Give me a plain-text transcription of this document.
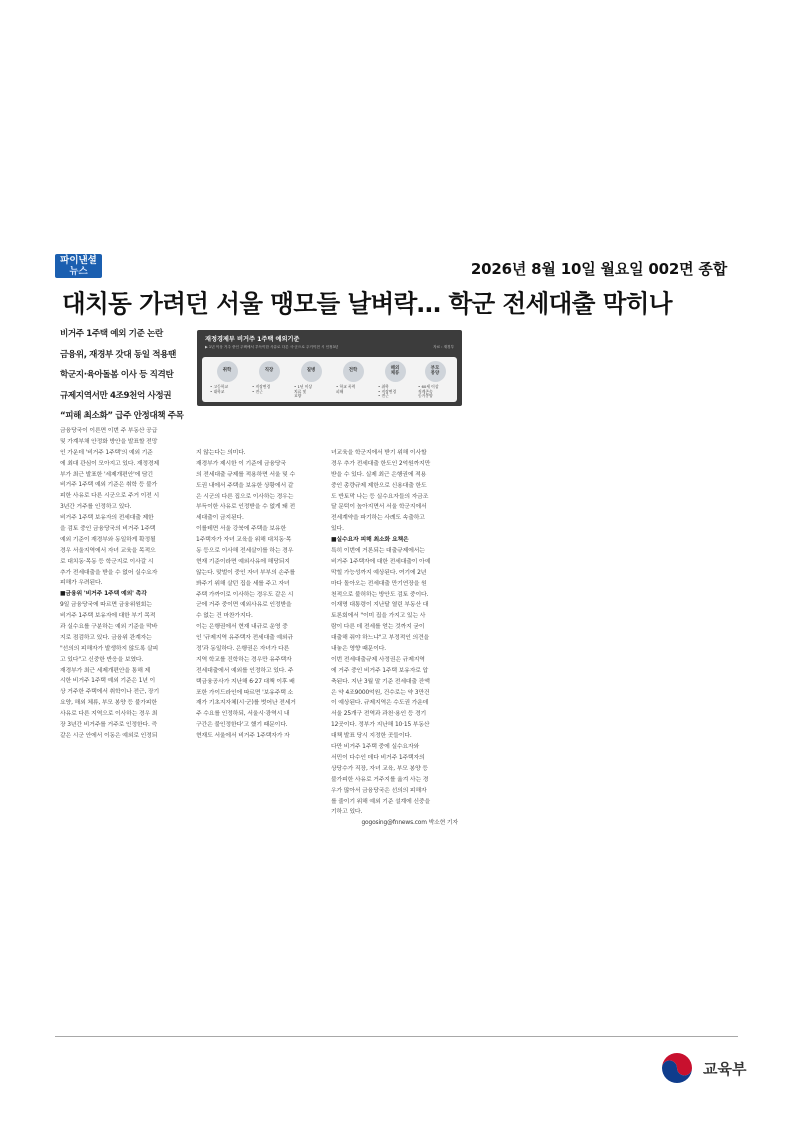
파이낸셜
뉴스	2026년 8월 10일 월요일 002면 종합
대치동 가려던 서울 맹모들 날벼락… 학군 전세대출 막히나
비거주 1주택 예외 기준 논란
금융위, 재경부 갓대 동일 적용땐
학군지·육아돌봄 이사 등 직격탄
규제지역서만 4조9천억 사정권
“피해 최소화” 급주 안정대책 주목
재정경제부 비거주 1주택 예외기준
▶ 1년 이상 거주 중인 주택에서 부득이한 사유로 다른 시·군으로 주거이전 시 인정3년	자료 : 재경부
취학
• 고등학교
• 대학교
직장
• 직장변경
• 전근
질병
• 1년 이상
치료 및
요양
전학
• 학교 폭력
피해
해외
체류
• 취학
• 직장변경
• 전근
부모
봉양
• 60세 이상
직계존속
동거봉양
금융당국이 이른면 이번 주 부동산 공급
및 가계부채 안정화 방안을 발표할 전망
인 가운데 '비거주 1주택'의 예외 기준
에 최대 관심이 모아지고 있다. 재정경제
부가 최근 발표한 '세제개편안'에 담긴
비거주 1주택 예외 기준은 취학 등 불가
피한 사유로 다른 시군으로 주거 이전 시
3년간 거주를 인정하고 있다.
비거주 1주택 보유자의 전세대출 제한
을 검토 중인 금융당국의 비거주 1주택
예외 기준이 재경부와 동일하게 확정될
경우 서울지역에서 자녀 교육을 목적으
로 대치동·목동 등 학군지로 이사갈 시
추가 전세대출을 받을 수 없어 실수요자
피해가 우려된다.
■금융위 '비거주 1주택 예외' 촉각
9일 금융당국에 따르면 금융위원회는
비거주 1주택 보유자에 대한 부기 목적
과 실수요를 구분하는 예외 기준을 막바
지로 점검하고 있다. 금융위 관계자는
"선의의 피해자가 발생하지 않도록 살피
고 있다"고 신중한 반응을 보였다.
재경부가 최근 세제개편안을 통해 제
시한 비거주 1주택 예외 기준은 1년 이
상 거주한 주택에서 취학이나 전근, 장기
요양, 해외 체류, 부모 봉양 등 불가피한
사유로 다른 지역으로 이사하는 경우 최
장 3년간 비거주를 거주로 인정한다. 즉
같은 시군 안에서 이동은 예외로 인정되
지 않는다는 의미다.
재경부가 제시한 이 기준에 금융당국
의 전세대출 규제를 적용하면 서울 및 수
도권 내에서 주택을 보유한 상황에서 같
은 시군의 다른 집으로 이사하는 경우는
부득이한 사유로 인정받을 수 없게 돼 전
세대출이 금지된다.
이를테면 서울 강북에 주택을 보유한
1주택자가 자녀 교육을 위해 대치동·목
동 등으로 이사해 전세살이를 하는 경우
현재 기준이라면 예외사유에 해당되지
않는다. 맞벌이 중인 자녀 부부의 손주를
봐주기 위해 살던 집을 세를 주고 자녀
주택 가까이로 이사하는 경우도 같은 시
군에 거주 중이면 예외사유로 인정받을
수 없는 건 마찬가지다.
이는 은행권에서 현재 내규로 운영 중
인 '규제지역 유주택자 전세대출 예외규
정'과 동일하다. 은행권은 자녀가 다른
지역 학교를 진학하는 경우만 유주택자
전세대출에서 예외를 인정하고 있다. 주
택금융공사가 지난해 6·27 대책 이후 배
포한 가이드라인에 따르면 '보유주택 소
재가 기초지자체(시·군)를 벗어난 전세거
주 수요를 인정하되, 서울시·광역시 내
구간은 불인정한다'고 했기 때문이다.
현재도 서울에서 비거주 1주택자가 자
녀교육을 학군지에서 받기 위해 이사할
경우 추가 전세대출 한도인 2억원까지만
받을 수 있다. 실제 최근 은행권에 적용
중인 총량규제 제한으로 신용대출 한도
도 반토막 나는 등 실수요자들의 자금조
달 문턱이 높아지면서 서울 학군지에서
전세계약을 파기하는 사례도 속출하고
있다.
■실수요자 피해 최소화 요책은
특히 이번에 거론되는 대출규제에서는
비거주 1주택자에 대한 전세대출이 아예
막힐 가능성까지 예상된다. 여기에 2년
마다 돌아오는 전세대출 만기연장을 원
천적으로 불허하는 방안도 검토 중이다.
이재명 대통령이 지난달 열린 부동산 대
토론회에서 "이미 집을 가지고 있는 사
람이 다른 데 전세를 얻는 것까지 굳이
대출해 줘야 하느냐"고 부정적인 의견을
내놓은 영향 때문이다.
이번 전세대출규제 사정권은 규제지역
에 거주 중인 비거주 1주택 보유자로 압
축된다. 지난 3월 말 기준 전세대출 잔액
은 약 4조9000억원, 건수로는 약 3만건
이 예상된다. 규제지역은 수도권 가운데
서울 25개구 전역과 과천·용인 등 경기
12곳이다. 정부가 지난해 10·15 부동산
대책 발표 당시 지정한 곳들이다.
다만 비거주 1주택 중에 실수요자와
서민이 다수인 데다 비거주 1주택자의
상당수가 직장, 자녀 교육, 부모 봉양 등
불가피한 사유로 거주지를 옮겨 사는 경
우가 많아서 금융당국은 선의의 피해자
를 줄이기 위해 예외 기준 설계에 신중을
기하고 있다.
gogosing@fnnews.com 박소현 기자
교육부
